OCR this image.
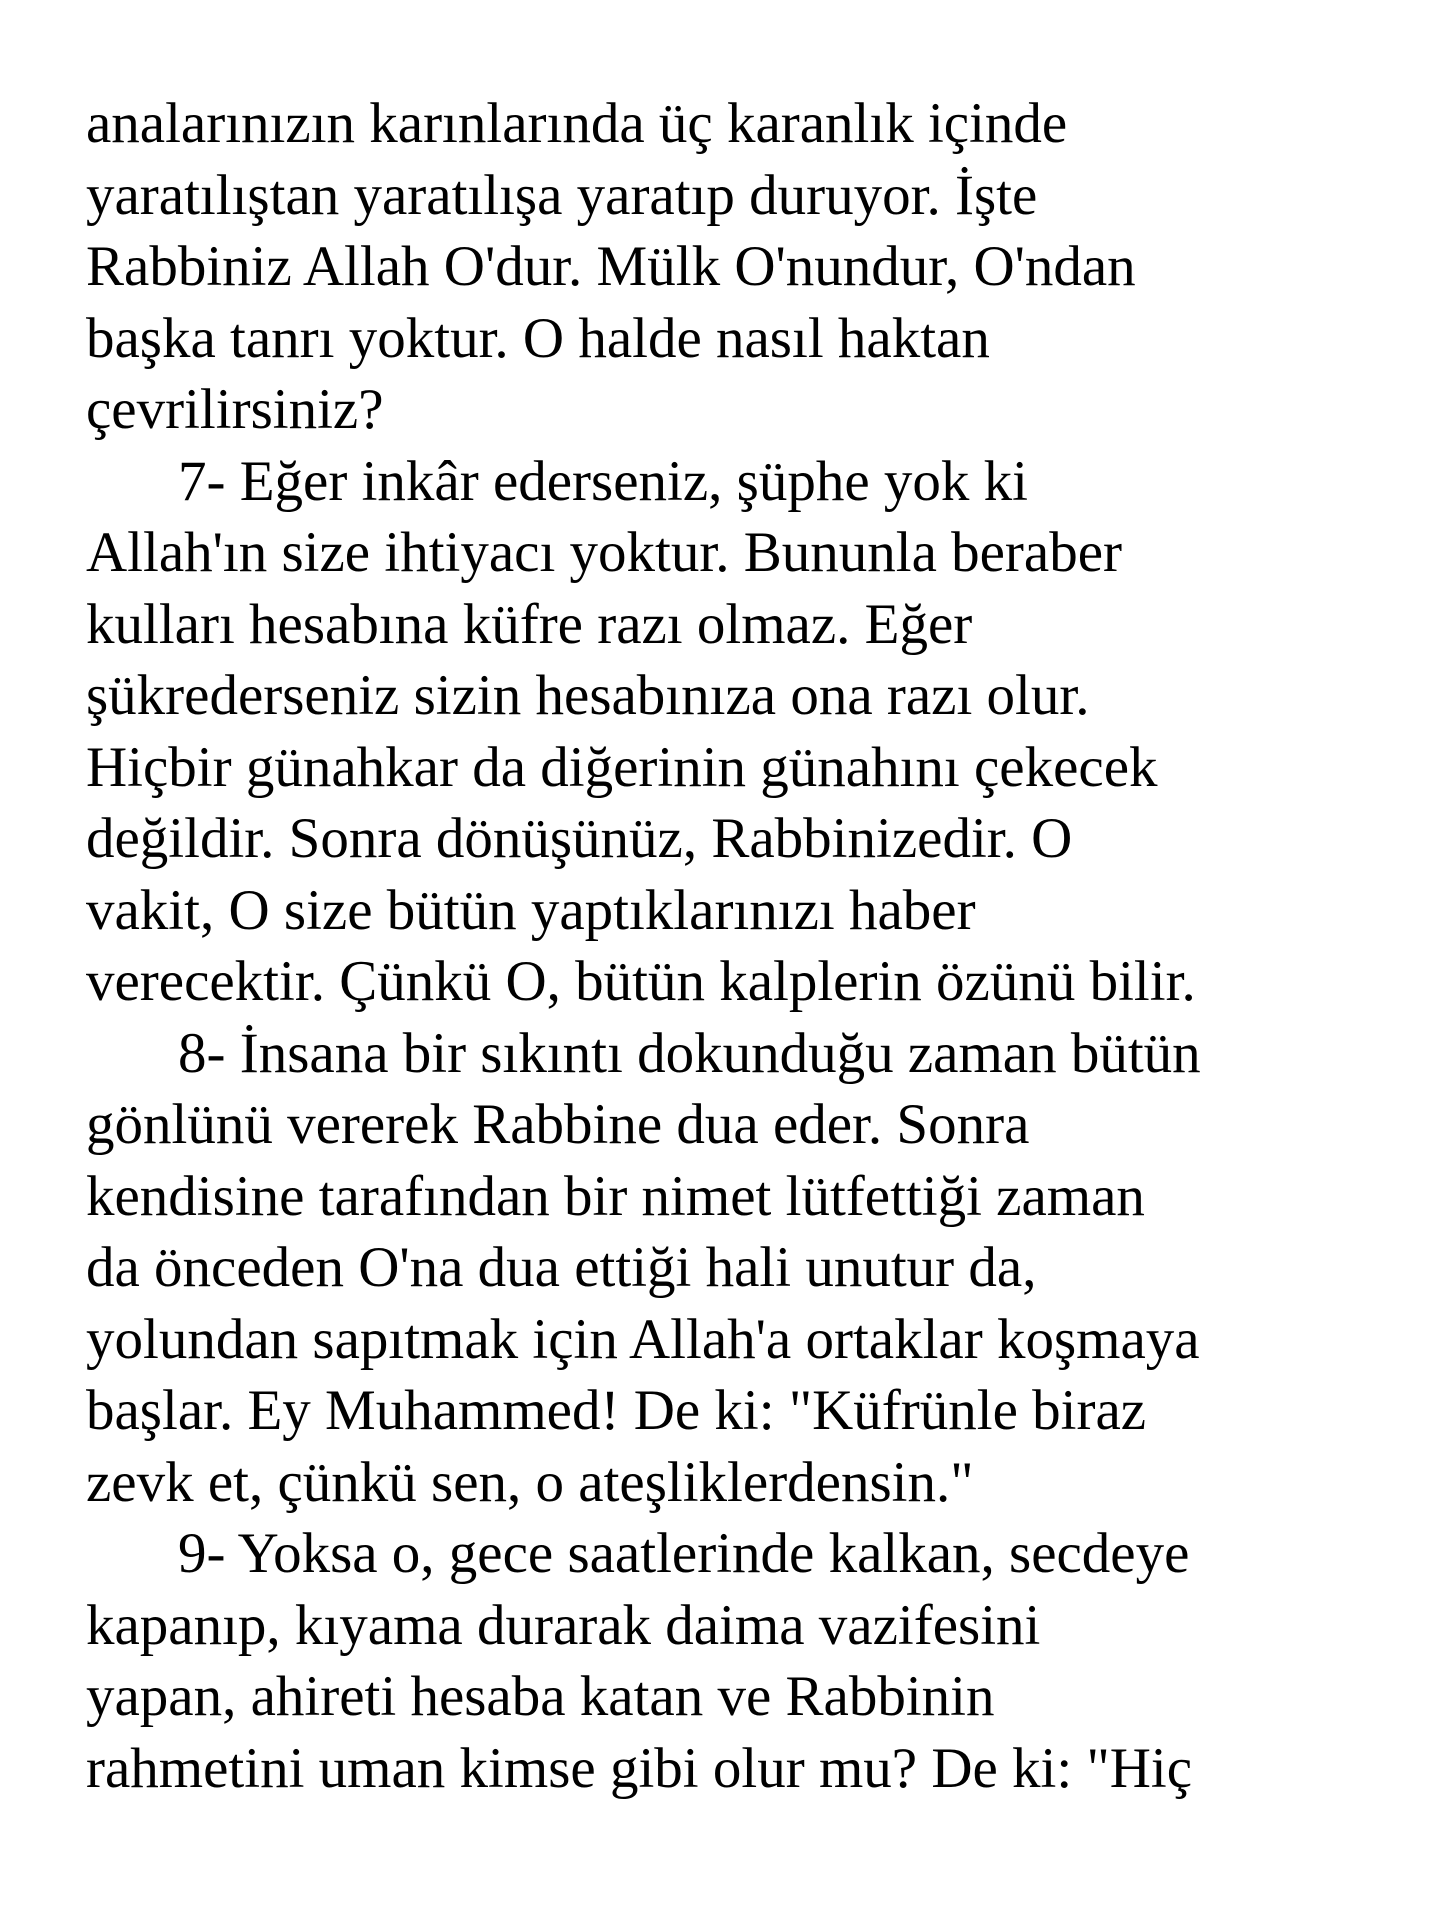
analarınızın karınlarında üç karanlık içinde
yaratılıştan yaratılışa yaratıp duruyor. İşte
Rabbiniz Allah O'dur. Mülk O'nundur, O'ndan
başka tanrı yoktur. O halde nasıl haktan
çevrilirsiniz?
7- Eğer inkâr ederseniz, şüphe yok ki
Allah'ın size ihtiyacı yoktur. Bununla beraber
kulları hesabına küfre razı olmaz. Eğer
şükrederseniz sizin hesabınıza ona razı olur.
Hiçbir günahkar da diğerinin günahını çekecek
değildir. Sonra dönüşünüz, Rabbinizedir. O
vakit, O size bütün yaptıklarınızı haber
verecektir. Çünkü O, bütün kalplerin özünü bilir.
8- İnsana bir sıkıntı dokunduğu zaman bütün
gönlünü vererek Rabbine dua eder. Sonra
kendisine tarafından bir nimet lütfettiği zaman
da önceden O'na dua ettiği hali unutur da,
yolundan sapıtmak için Allah'a ortaklar koşmaya
başlar. Ey Muhammed! De ki: "Küfrünle biraz
zevk et, çünkü sen, o ateşliklerdensin."
9- Yoksa o, gece saatlerinde kalkan, secdeye
kapanıp, kıyama durarak daima vazifesini
yapan, ahireti hesaba katan ve Rabbinin
rahmetini uman kimse gibi olur mu? De ki: "Hiç
